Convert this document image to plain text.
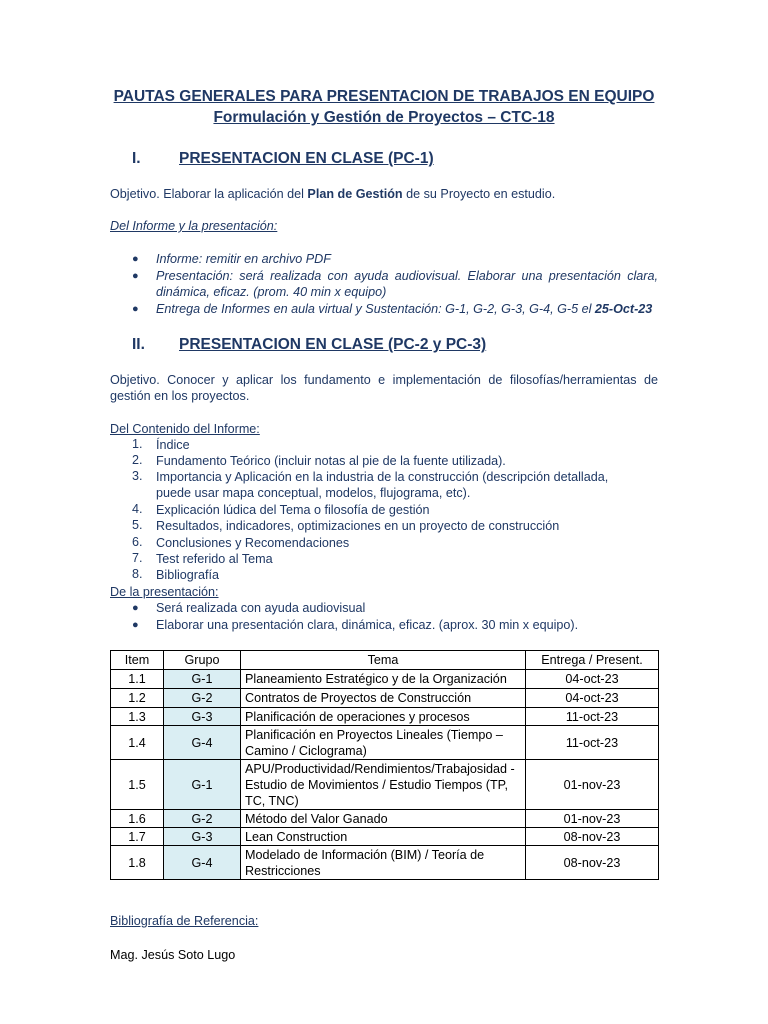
PAUTAS GENERALES PARA PRESENTACION DE TRABAJOS EN EQUIPO
Formulación y Gestión de Proyectos – CTC-18
I. PRESENTACION EN CLASE (PC-1)
Objetivo. Elaborar la aplicación del Plan de Gestión de su Proyecto en estudio.
Del Informe y la presentación:
● Informe: remitir en archivo PDF
● Presentación: será realizada con ayuda audiovisual. Elaborar una presentación clara, dinámica, eficaz. (prom. 40 min x equipo)
● Entrega de Informes en aula virtual y Sustentación: G-1, G-2, G-3, G-4, G-5 el 25-Oct-23
II. PRESENTACION EN CLASE (PC-2 y PC-3)
Objetivo. Conocer y aplicar los fundamento e implementación de filosofías/herramientas de gestión en los proyectos.
Del Contenido del Informe:
1. Índice
2. Fundamento Teórico (incluir notas al pie de la fuente utilizada).
3. Importancia y Aplicación en la industria de la construcción (descripción detallada, puede usar mapa conceptual, modelos, flujograma, etc).
4. Explicación lúdica del Tema o filosofía de gestión
5. Resultados, indicadores, optimizaciones en un proyecto de construcción
6. Conclusiones y Recomendaciones
7. Test referido al Tema
8. Bibliografía
De la presentación:
● Será realizada con ayuda audiovisual
● Elaborar una presentación clara, dinámica, eficaz. (aprox. 30 min x equipo).
Item	Grupo	Tema	Entrega / Present.
1.1	G-1	Planeamiento Estratégico y de la Organización	04-oct-23
1.2	G-2	Contratos de Proyectos de Construcción	04-oct-23
1.3	G-3	Planificación de operaciones y procesos	11-oct-23
1.4	G-4	Planificación en Proyectos Lineales (Tiempo – Camino / Ciclograma)	11-oct-23
1.5	G-1	APU/Productividad/Rendimientos/Trabajosidad - Estudio de Movimientos / Estudio Tiempos (TP, TC, TNC)	01-nov-23
1.6	G-2	Método del Valor Ganado	01-nov-23
1.7	G-3	Lean Construction	08-nov-23
1.8	G-4	Modelado de Información (BIM) / Teoría de Restricciones	08-nov-23
Bibliografía de Referencia:
Mag. Jesús Soto Lugo
